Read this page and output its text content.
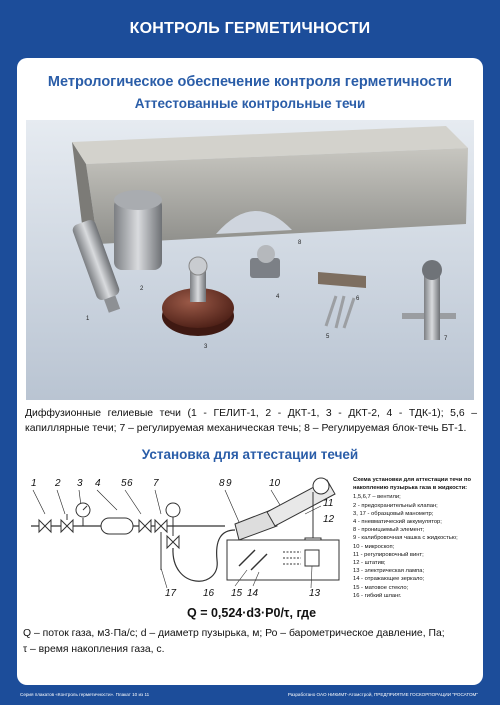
КОНТРОЛЬ ГЕРМЕТИЧНОСТИ
Метрологическое обеспечение контроля герметичности
Аттестованные контрольные течи
8
2
1
3
4
5
6
7
Диффузионные гелиевые течи (1 - ГЕЛИТ-1, 2 - ДКТ-1, 3 - ДКТ-2, 4 - ТДК-1); 5,6 – капиллярные течи; 7 – регулируемая механическая течь; 8 – Регулируемая блок-течь БТ-1.
Установка для аттестации течей
1 2 3 4 5 6 7	8 9	10
11
12
13
14
15
16
17
Схема установки для аттестации течи по накоплению пузырька газа в жидкости:
1,5,6,7 – вентили;
2 - предохранительный клапан;
3, 17 - образцовый манометр;
4 - пневматический аккумулятор;
8 - проницаемый элемент;
9 - калибровочная чашка с жидкостью;
10 - микроскоп;
11 - регулировочный винт;
12 - штатив;
13 - электрическая лампа;
14 - отражающее зеркало;
15 - матовое стекло;
16 - гибкий шланг.
Q = 0,524·d3·P0/τ, где
Q – поток газа, м3·Па/с; d – диаметр пузырька, м; Ро – барометрическое давление, Па;
τ – время накопления газа, с.
Серия плакатов «Контроль герметичности». Плакат 10 из 11	Разработано ОАО НИКИМТ-Атомстрой, ПРЕДПРИЯТИЕ ГОСКОРПОРАЦИИ "РОСАТОМ"
